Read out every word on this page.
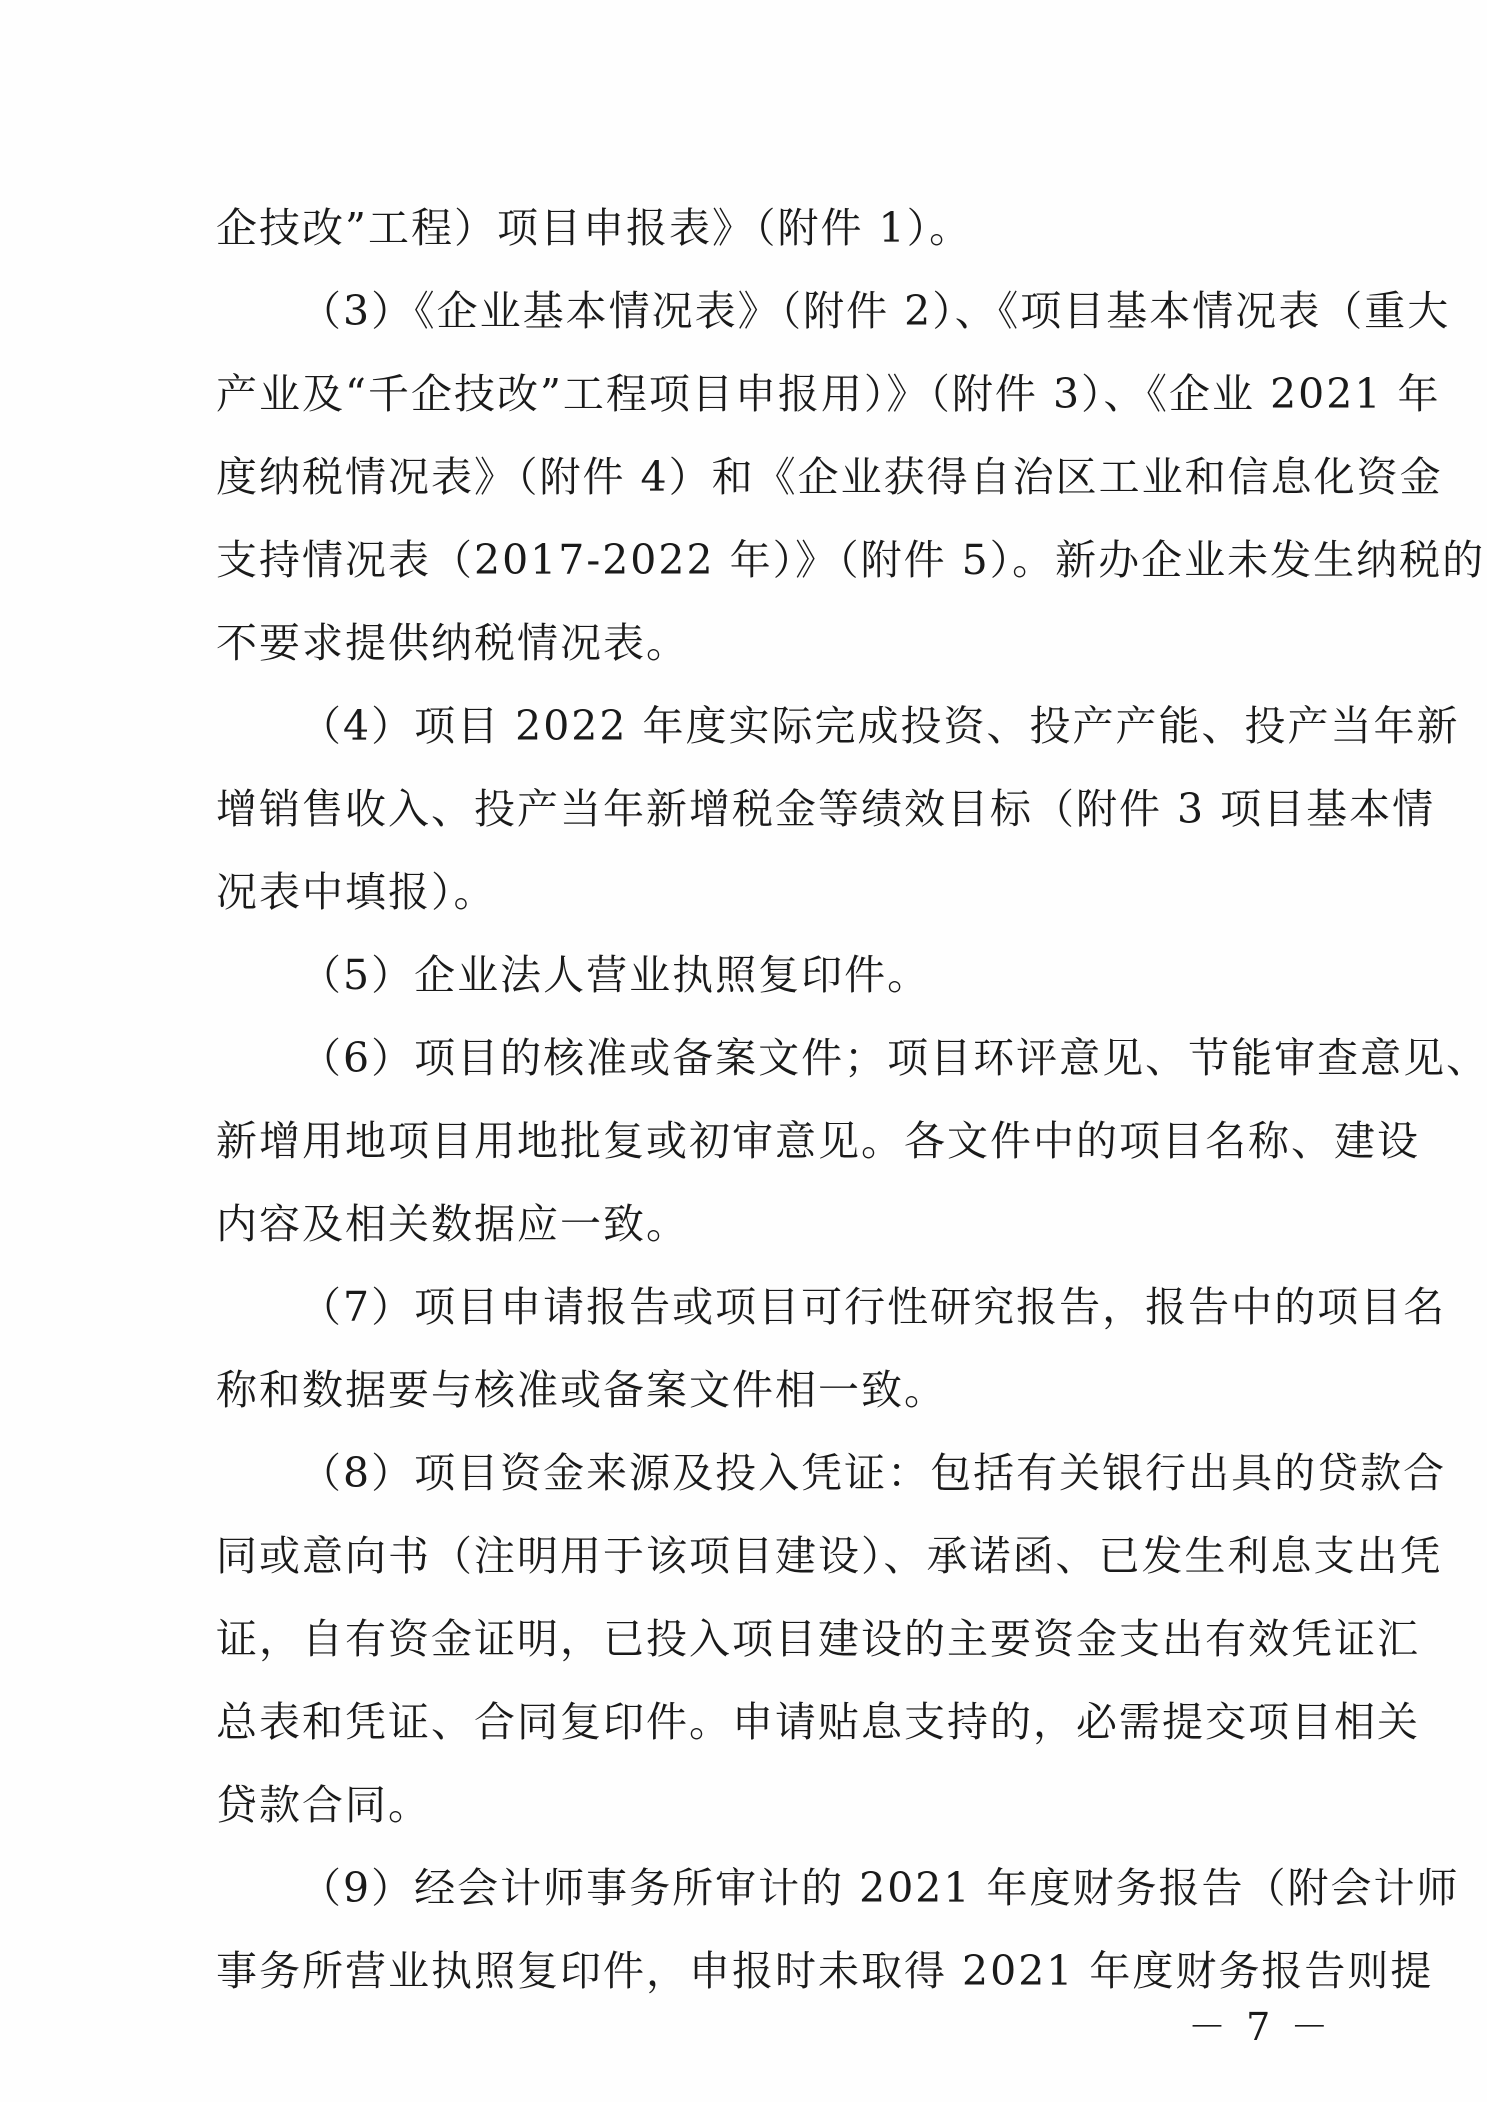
企技改”工程）项目申报表》（附件 1）。
（3）《企业基本情况表》（附件 2）、《项目基本情况表（重大
产业及“千企技改”工程项目申报用）》（附件 3）、《企业 2021 年
度纳税情况表》（附件 4）和《企业获得自治区工业和信息化资金
支持情况表（2017-2022 年）》（附件 5）。新办企业未发生纳税的
不要求提供纳税情况表。
（4）项目 2022 年度实际完成投资、投产产能、投产当年新
增销售收入、投产当年新增税金等绩效目标（附件 3 项目基本情
况表中填报）。
（5）企业法人营业执照复印件。
（6）项目的核准或备案文件；项目环评意见、节能审查意见、
新增用地项目用地批复或初审意见。各文件中的项目名称、建设
内容及相关数据应一致。
（7）项目申请报告或项目可行性研究报告，报告中的项目名
称和数据要与核准或备案文件相一致。
（8）项目资金来源及投入凭证：包括有关银行出具的贷款合
同或意向书（注明用于该项目建设）、承诺函、已发生利息支出凭
证，自有资金证明，已投入项目建设的主要资金支出有效凭证汇
总表和凭证、合同复印件。申请贴息支持的，必需提交项目相关
贷款合同。
（9）经会计师事务所审计的 2021 年度财务报告（附会计师
事务所营业执照复印件，申报时未取得 2021 年度财务报告则提
－ 7 －
